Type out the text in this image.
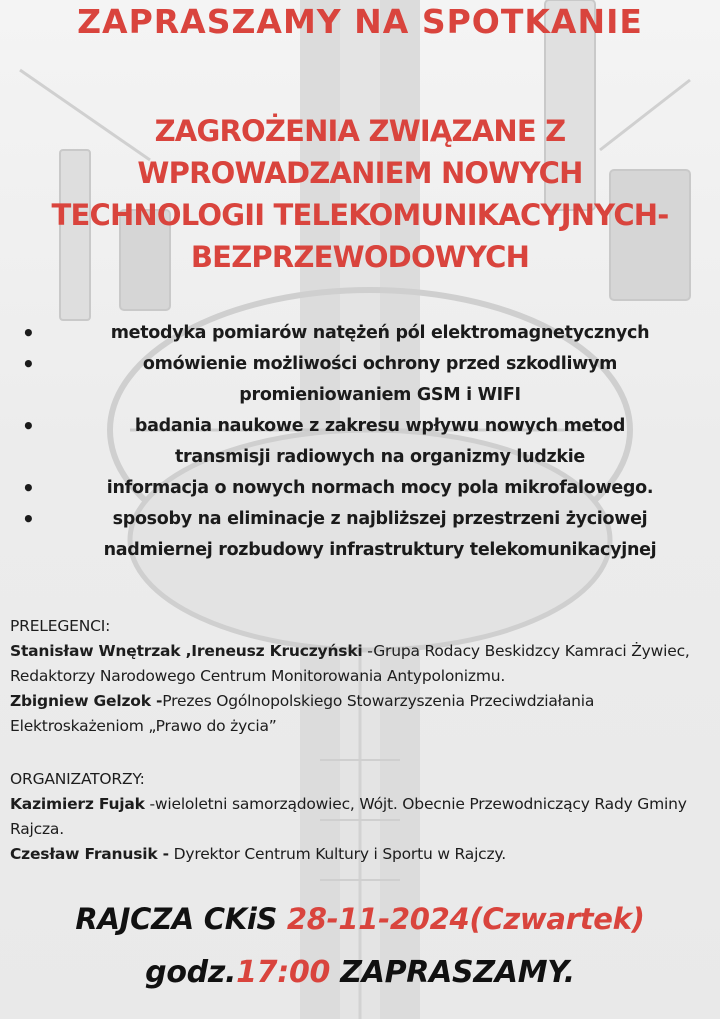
ZAPRASZAMY NA SPOTKANIE
ZAGROŻENIA ZWIĄZANE Z
WPROWADZANIEM NOWYCH
TECHNOLOGII TELEKOMUNIKACYJNYCH-
BEZPRZEWODOWYCH
•	metodyka pomiarów natężeń pól elektromagnetycznych
•	omówienie możliwości ochrony przed szkodliwym
promieniowaniem GSM i WIFI
•	badania naukowe z zakresu wpływu nowych metod
transmisji radiowych na organizmy ludzkie
•	informacja o nowych normach mocy pola mikrofalowego.
•	sposoby na eliminacje z najbliższej przestrzeni życiowej
nadmiernej rozbudowy infrastruktury telekomunikacyjnej
PRELEGENCI:

Stanisław Wnętrzak ,Ireneusz Kruczyński -Grupa Rodacy Beskidzcy Kamraci Żywiec, Redaktorzy Narodowego Centrum Monitorowania Antypolonizmu.

Zbigniew Gelzok -Prezes Ogólnopolskiego Stowarzyszenia Przeciwdziałania Elektroskażeniom „Prawo do życia”

ORGANIZATORZY:

Kazimierz Fujak -wieloletni samorządowiec, Wójt. Obecnie Przewodniczący Rady Gminy Rajcza.

Czesław Franusik - Dyrektor Centrum Kultury i Sportu w Rajczy.

RAJCZA CKiS 28-11-2024(Czwartek)
godz.17:00 ZAPRASZAMY.
